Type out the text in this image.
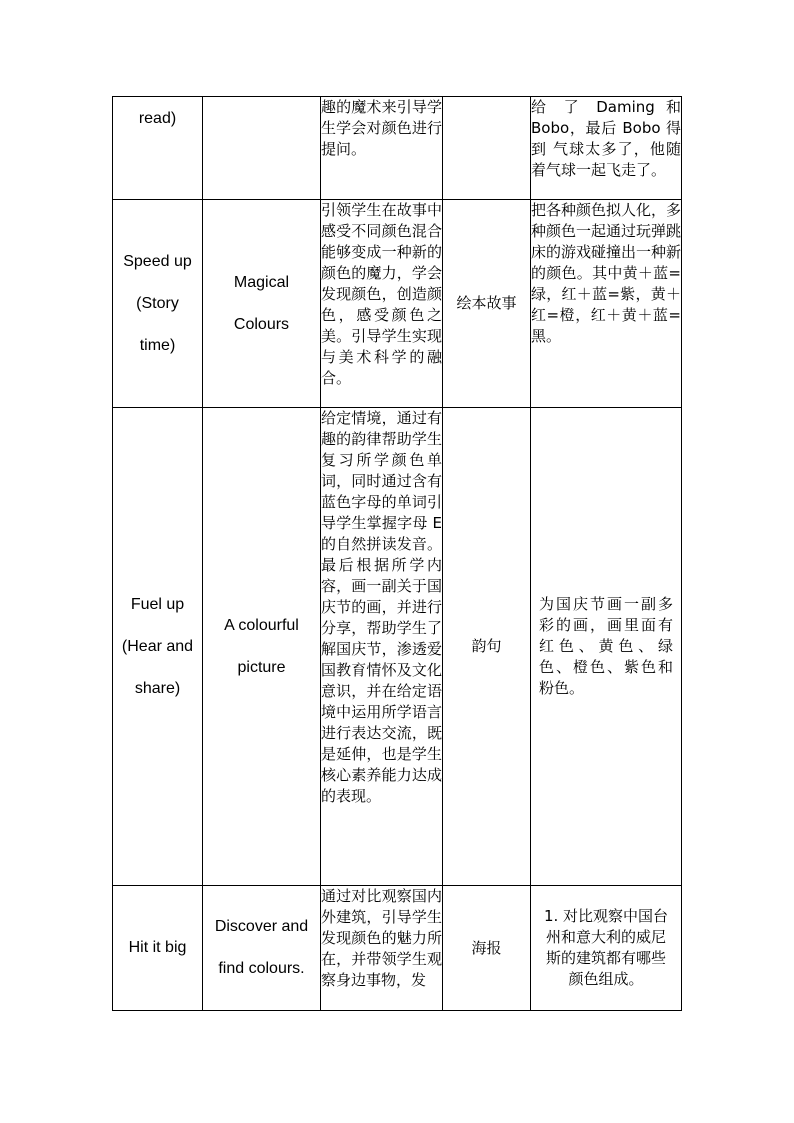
read)		趣的魔术来引导学生学会对颜色进行提问。		给 了 Daming 和 Bobo，最后 Bobo 得到 气球太多了，他随着气球一起飞走了。

Speed up
(Story
time)	Magical
Colours	引领学生在故事中感受不同颜色混合能够变成一种新的颜色的魔力，学会发现颜色，创造颜色，感受颜色之美。引导学生实现与美术科学的融合。	绘本故事	把各种颜色拟人化，多种颜色一起通过玩弹跳床的游戏碰撞出一种新的颜色。其中黄＋蓝=绿，红＋蓝=紫，黄＋红=橙，红＋黄＋蓝=黑。

Fuel up
(Hear and
share)	A colourful
picture	给定情境，通过有趣的韵律帮助学生复习所学颜色单词，同时通过含有蓝色字母的单词引导学生掌握字母 E 的自然拼读发音。最后根据所学内容，画一副关于国庆节的画，并进行分享，帮助学生了解国庆节，渗透爱国教育情怀及文化意识，并在给定语境中运用所学语言进行表达交流，既是延伸，也是学生核心素养能力达成的表现。	韵句	为国庆节画一副多彩的画，画里面有红色、黄色、绿色、橙色、紫色和粉色。

Hit it big	Discover and
find colours.	通过对比观察国内外建筑，引导学生发现颜色的魅力所在，并带领学生观察身边事物，发	海报	1. 对比观察中国台州和意大利的威尼斯的建筑都有哪些颜色组成。
